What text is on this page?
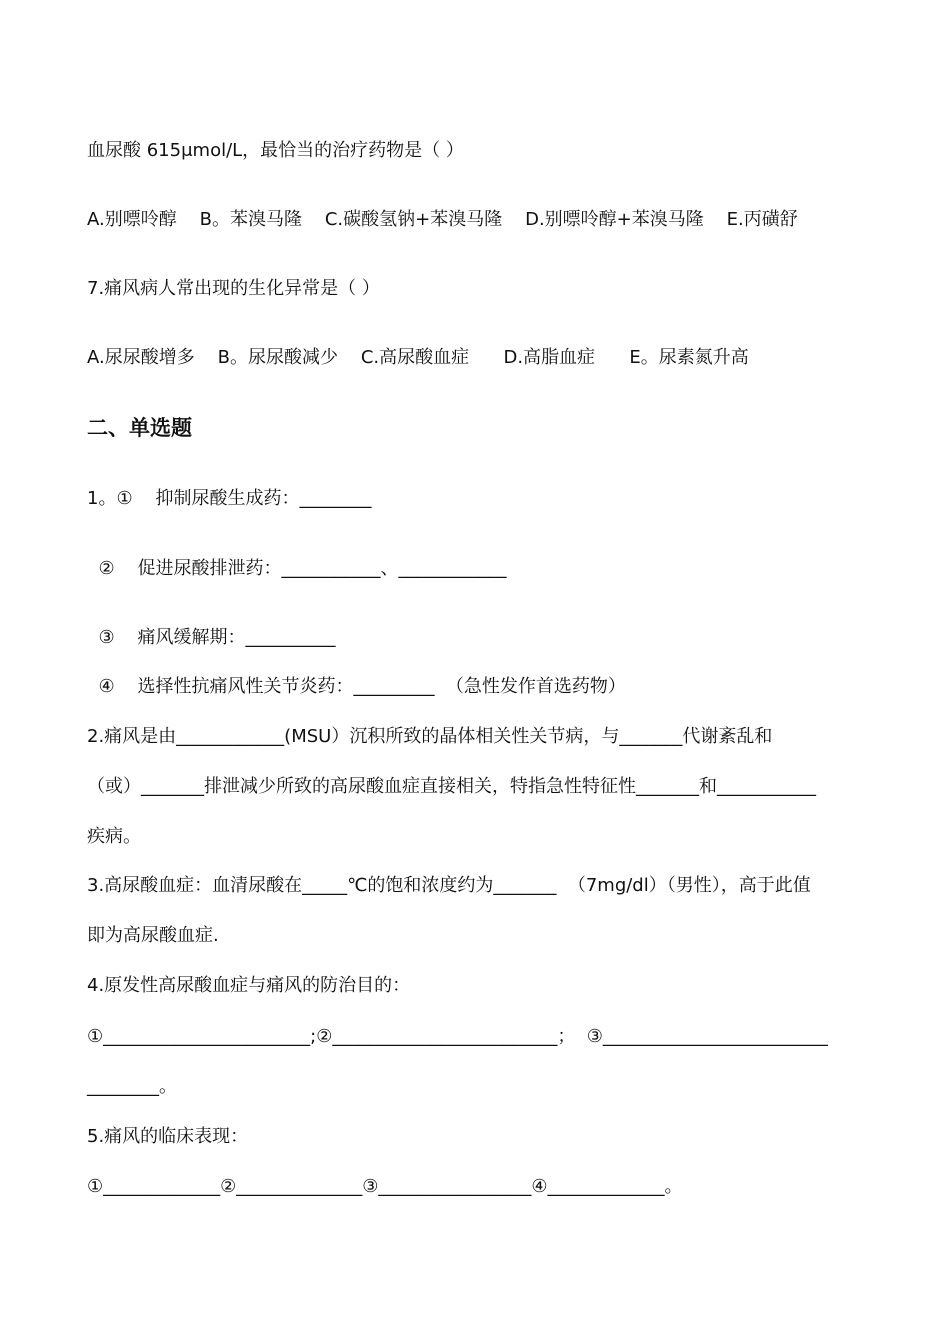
血尿酸 615μmol/L，最恰当的治疗药物是（ ）
A.别嘌呤醇    B。苯溴马隆    C.碳酸氢钠+苯溴马隆    D.别嘌呤醇+苯溴马隆    E.丙磺舒
7.痛风病人常出现的生化异常是（ ）
A.尿尿酸增多    B。尿尿酸减少    C.高尿酸血症      D.高脂血症      E。尿素氮升高
二、单选题
1。①    抑制尿酸生成药：________
②    促进尿酸排泄药：___________、____________
③    痛风缓解期：__________
④    选择性抗痛风性关节炎药：_________  （急性发作首选药物）
2.痛风是由____________(MSU）沉积所致的晶体相关性关节病，与_______代谢紊乱和
（或）_______排泄减少所致的高尿酸血症直接相关，特指急性特征性_______和___________
疾病。
3.高尿酸血症：血清尿酸在_____℃的饱和浓度约为_______  （7mg/dl）（男性），高于此值
即为高尿酸血症.
4.原发性高尿酸血症与痛风的防治目的：
①_______________________;②_________________________；  ③_________________________
________。
5.痛风的临床表现：
①_____________②______________③_________________④_____________。
